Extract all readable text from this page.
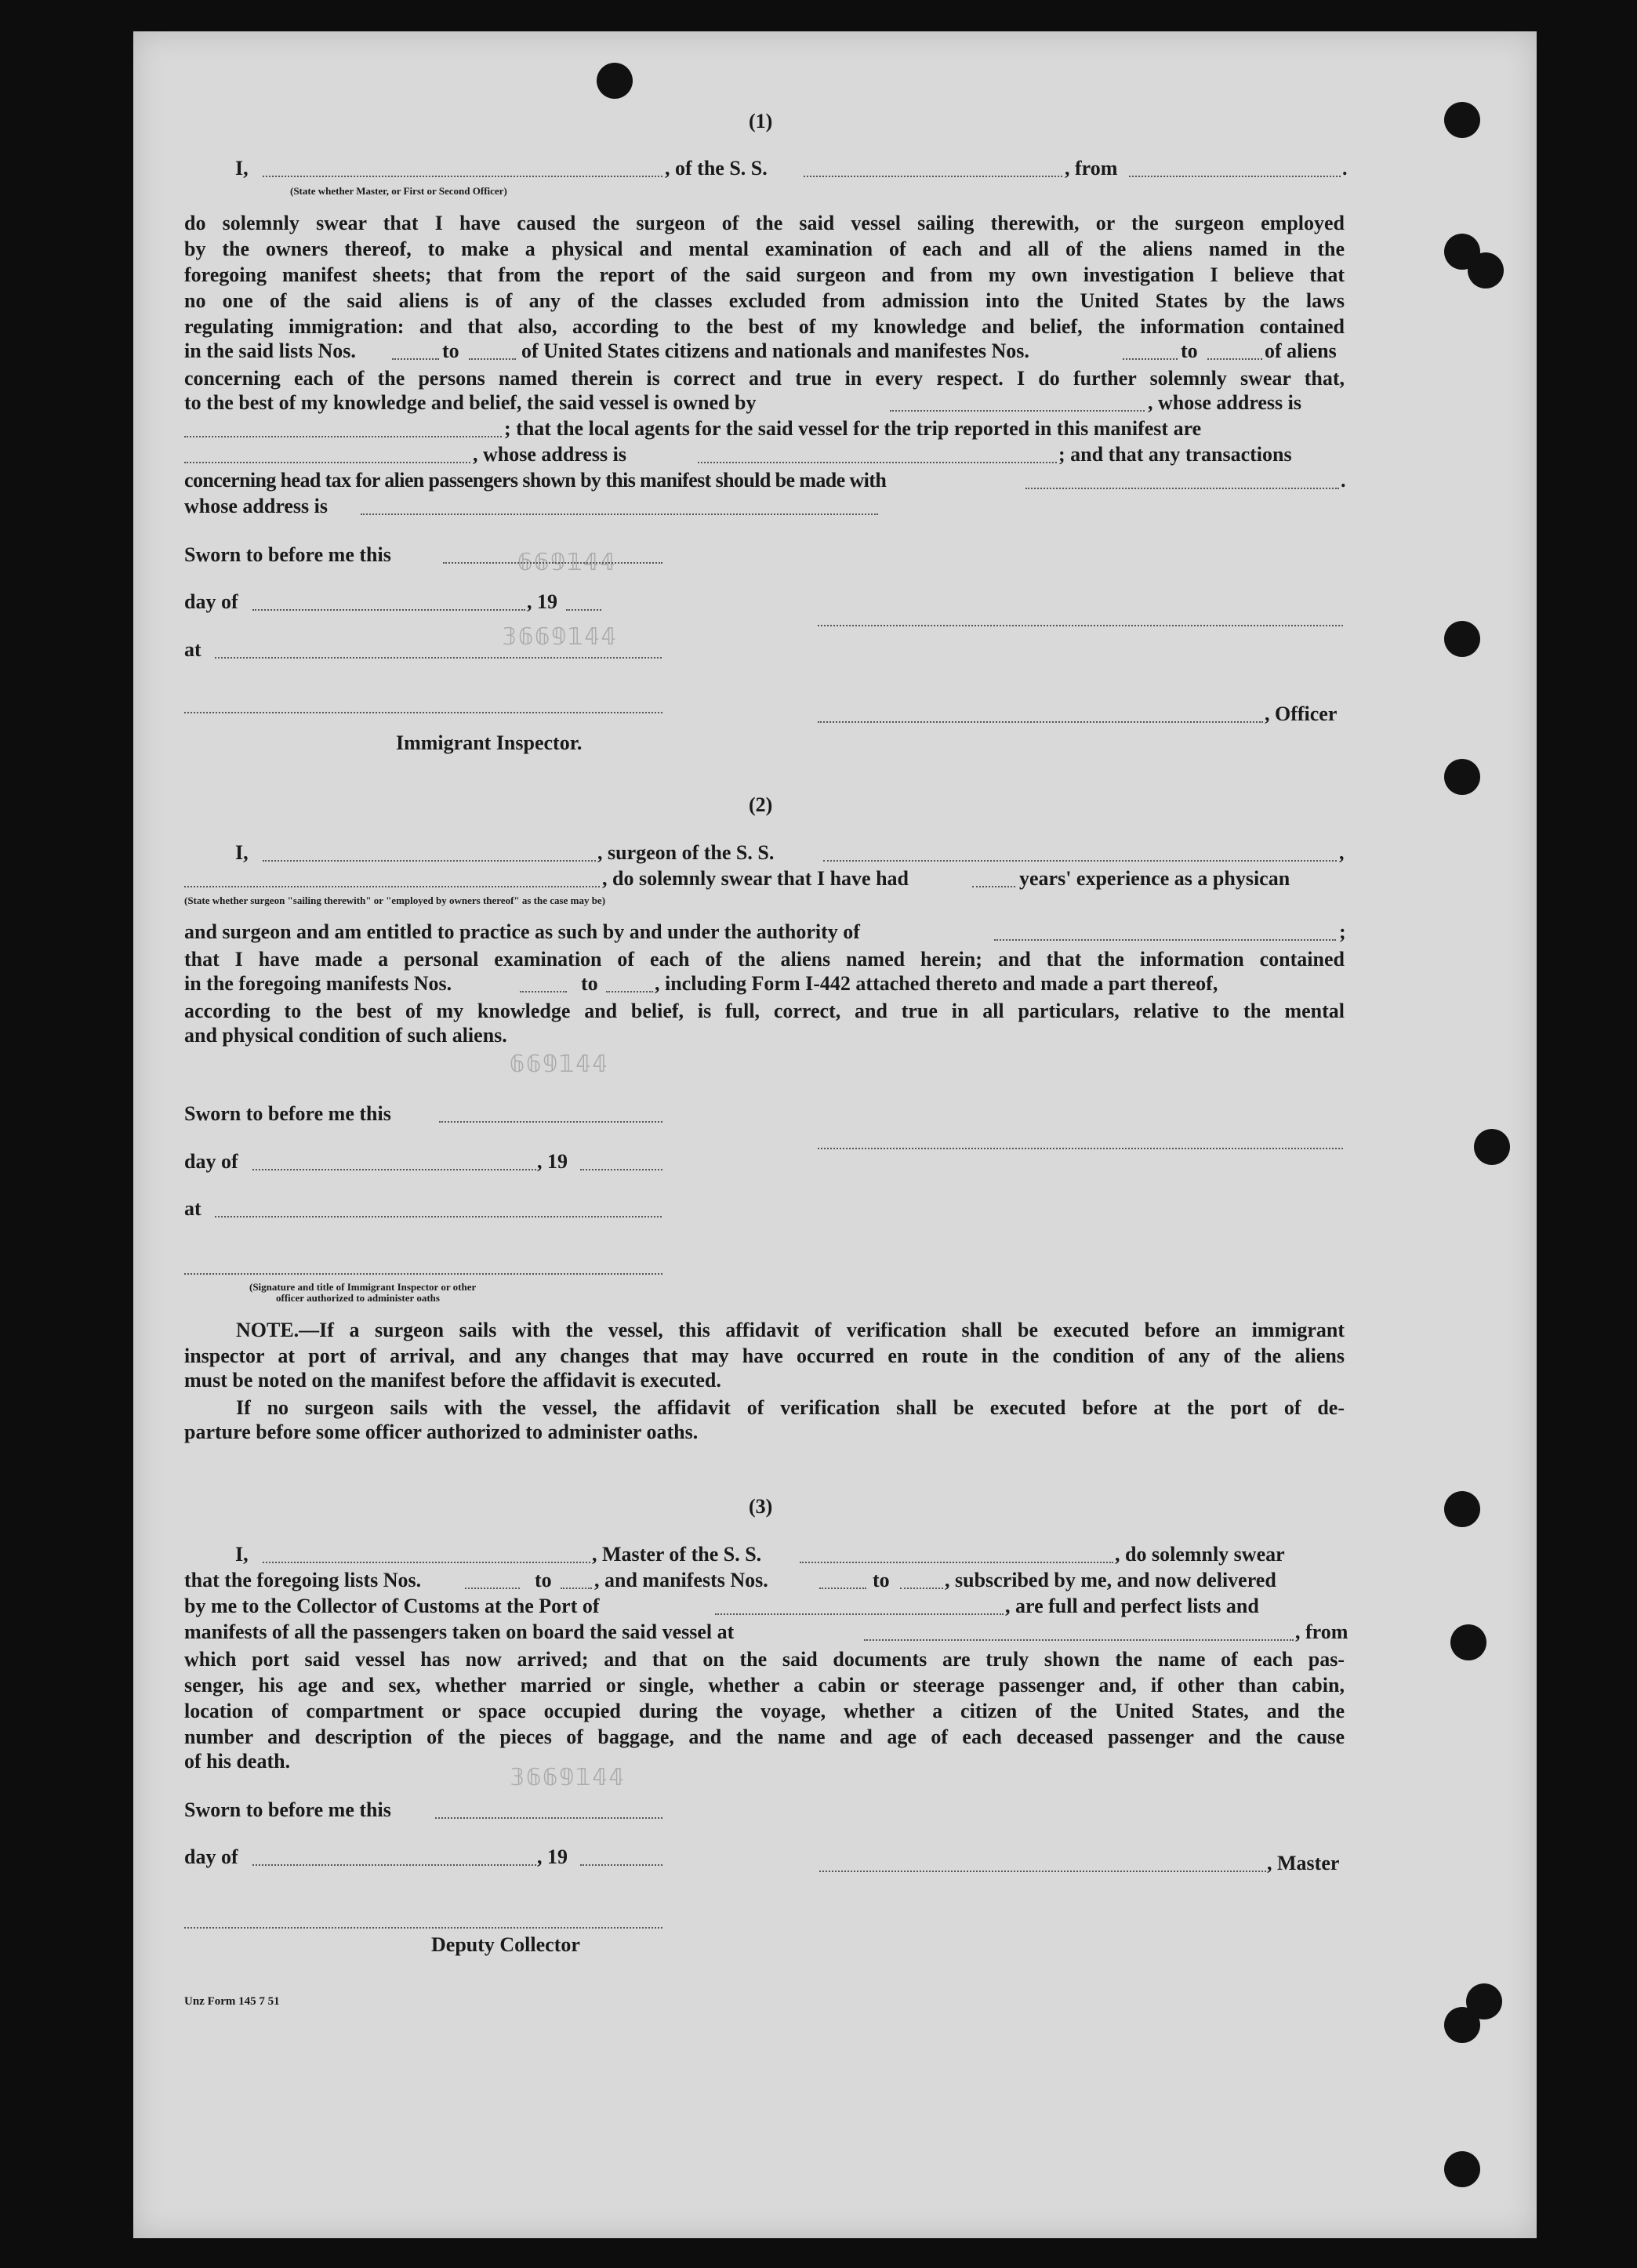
𝟞𝟞𝟡𝟙𝟜𝟜
𝟛𝟞𝟞𝟡𝟙𝟜𝟜
𝟞𝟞𝟡𝟙𝟜𝟜
𝟛𝟞𝟞𝟡𝟙𝟜𝟜
(1)
I,	, of the S. S.	, from	.
(State whether Master, or First or Second Officer)
do solemnly swear that I have caused the surgeon of the said vessel sailing therewith, or the surgeon employed
by the owners thereof, to make a physical and mental examination of each and all of the aliens named in the
foregoing manifest sheets; that from the report of the said surgeon and from my own investigation I believe that
no one of the said aliens is of any of the classes excluded from admission into the United States by the laws
regulating immigration: and that also, according to the best of my knowledge and belief, the information contained
in the said lists Nos.	to	of United States citizens and nationals and manifestes Nos.	to	of aliens
concerning each of the persons named therein is correct and true in every respect. I do further solemnly swear that,
to the best of my knowledge and belief, the said vessel is owned by	, whose address is
; that the local agents for the said vessel for the trip reported in this manifest are
, whose address is	; and that any transactions
concerning head tax for alien passengers shown by this manifest should be made with	.
whose address is
Sworn to before me this
day of	, 19
at
, Officer
Immigrant Inspector.
(2)
I,	, surgeon of the S. S.	,
, do solemnly swear that I have had	years' experience as a physican
(State whether surgeon "sailing therewith" or "employed by owners thereof" as the case may be)
and surgeon and am entitled to practice as such by and under the authority of	;
that I have made a personal examination of each of the aliens named herein; and that the information contained
in the foregoing manifests Nos.	to	, including Form I-442 attached thereto and made a part thereof,
according to the best of my knowledge and belief, is full, correct, and true in all particulars, relative to the mental
and physical condition of such aliens.
Sworn to before me this
day of	, 19
at
(Signature and title of Immigrant Inspector or other
officer authorized to administer oaths
NOTE.—If a surgeon sails with the vessel, this affidavit of verification shall be executed before an immigrant
inspector at port of arrival, and any changes that may have occurred en route in the condition of any of the aliens
must be noted on the manifest before the affidavit is executed.
If no surgeon sails with the vessel, the affidavit of verification shall be executed before at the port of de-
parture before some officer authorized to administer oaths.
(3)
I,	, Master of the S. S.	, do solemnly swear
that the foregoing lists Nos.	to , and manifests Nos.	to	, subscribed by me, and now delivered
by me to the Collector of Customs at the Port of	, are full and perfect lists and
manifests of all the passengers taken on board the said vessel at	, from
which port said vessel has now arrived; and that on the said documents are truly shown the name of each pas-
senger, his age and sex, whether married or single, whether a cabin or steerage passenger and, if other than cabin,
location of compartment or space occupied during the voyage, whether a citizen of the United States, and the
number and description of the pieces of baggage, and the name and age of each deceased passenger and the cause
of his death.
Sworn to before me this
day of	, 19	, Master
Deputy Collector
Unz Form 145 7 51
